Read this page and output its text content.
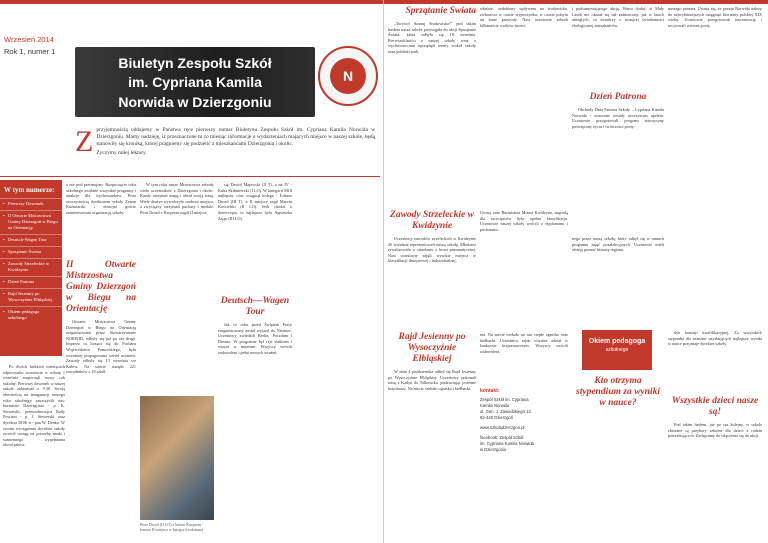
Wrzesień 2014
Rok 1, numer 1
Biuletyn Zespołu Szkół
im. Cypriana Kamila
Norwida w Dzierzgoniu
N
Z przyjemnością oddajemy w Państwa ręce pierwszy numer Biuletynu Zespołu Szkół im. Cypriana Kamila Norwida w Dzierzgoniu. Mamy nadzieję, iż przeznaczone tu co miesiąc informacje o wydarzeniach mających miejsce w naszej szkole, będą stanowiły się kroniką, której pragniemy się podzielić z mieszkańcami Dzierzgonia i okolic.
Życzymy miłej lektury.
W tym numerze:
• Pierwszy Dzwonek
• II Otwarte Mistrzostwa Gminy Dzierzgoń w Biegu na Orientację
• Deutsch-Wagen Tour
• Sprzątanie Świata
• Zawody Strzeleckie w Kwidzynie
• Dzień Patrona
• Rajd Jesienny po Wysoczyźnie Elbląskiej
• Okiem pedagoga szkolnego

a nie pod pretensjom. Rozpoczęcie roku szkolnego zwołane wszystkie programy i atrakcje dla wychowanków. Poza uroczystością dyrektorem szkoły Zenon Kużmiarski i dostojni goście zainteresowani organizacją szkoły.

Pierwszy dzwonek

Po dwóch krótkich miesiącach odpoczynku uczniowie w sobotę 1 września rozpoczęli nowy rok szkolny. Pierwszy dzwonek w naszej szkole zabrzmiał o 9.30. Swoją obecnością na inauguracji nowego roku szkolnego zaszczycili nas: burmistrz Dzierzgonia - p. K. Stewerski, przewodnicząca Rady Powiatu - p. J. Stewerski oraz dyrektor DOK-u - pan W. Denko. W swoim wystąpieniu dyrektor szkoły zwrócił uwagę na potrzebę nauki i sumiennego wypełniania obowiązków.

II Otwarte Mistrzostwa Gminy Dzierzgoń w Biegu na Orientację

Otwarte Mistrzostwa Gminy Dzierzgoń w Biegu na Orientację zorganizowane przez Stowarzyszenie NORWID, odbyły się już po raz drugi. Impreza ta licząca się do Pucharu Województwa Pomorskiego, była wcześniej propagowana wśród uczniów. Zawody odbyły się 13 września we Kołów. Na starcie stanęło 221 zawodników z 18 szkół.

W tym roku nasze Mistrzostwa zebrały wielu uczestników z Dzierzgonia i okolic. Każdy otrzymał mapę i obrał swoją trasę. Wiele drużyn wywalczyło czołowe miejsca, a zwycięzcy otrzymali puchary i medale. Piotr Drozd z Kacprem zajęli II miejsce.

Piotr Drozd (II LO) z butem Kacprem - laureat II miejsca w kategorii rodzinnej

się Dawid Majewski (II T), a na IV - Kuba Skibniewski (I LO). W kategorii M18 najlepszy czas osiągnął kolega - Łukasz Drozd (III T), a II miejsce zajął Marcin Kościelski (II LO). Jeśli chodzi o dziewczęta, to najlepsza była Agnieszka Zając (III LO).

Deutsch—Wagen Tour

Jak co roku przed Świętem Pracy zorganizowany został wyjazd do Niemiec. Uczestnicy zwiedzili Berlin, Poczdam i Drezno. W programie był rejs statkiem i wizyta w muzeum. Wszyscy wrócili zadowoleni i pełni nowych wrażeń.

Sprzątanie Świata

„Turysto! Szanuj Środowisko!” pod takim hasłem nasza szkoła przystąpiła do akcji Sprzątanie Świata, która odbyła się 18 września. Pierwszoklasiści z naszej szkoły wraz z wychowawcami uprzątnęli tereny wokół szkoły oraz pobliski park.

Zawody Strzeleckie w Kwidzynie

Uczestnicy zawodów strzeleckich w Kwidzynie 26 września reprezentowali naszą szkołę. Młodzież rywalizowała w strzelaniu z broni pneumatycznej. Nasi uczniowie zajęli wysokie miejsca w klasyfikacji drużynowej i indywidualnej.

Rajd Jesienny po Wysoczyźnie Elbląskiej

W dniu 4 października odbył się Rajd Jesienny po Wysoczyźnie Elbląskiej. Uczestnicy pokonali trasę z Kadyn do Tolkmicka, podziwiając jesienne krajobrazy. Na mecie czekało ognisko i kiełbaski.

właśnie, ozdobiony wpływem na środowisko, zwłaszcza w czasie wypoczynku, w czasie pobytu na łonie przyrody. Nasi uczniowie zebrali kilkanaście worków śmieci.

Gwarą oraz Burmistrza Miasta Kwidzyna, nagrodą dla zwycięzców była ogólna klasyfikacja. Uczniowie naszej szkoły wrócili z dyplomami i pucharami.

nia. Na mecie czekało na nas ciepłe ognisko oraz kiełbaski. Uczestnicy rajdu również udział w konkursie krajoznawczym. Wszyscy wrócili zadowoleni.

kontakt:
Zespół Szkół im. Cypriana
Kamila Norwida
ul. Gen. J. Zawadzkiego 13
82-440 Dzierzgoń
www.szkoladzierzgon.pl
facebook: Zespół Szkół
im. Cypriana Kamila Norwida
w Dzierzgoniu

i podsumowującego akcję. Warto dodać, iż Mały Lasek nie okazał się tak zaśmiecony, jak w latach ubiegłych, co świadczy o rosnącej świadomości ekologicznej mieszkańców.

Dzień Patrona

Obchody Dnia Patrona Szkoły – Cypriana Kamila Norwida - uczczone zostały uroczystym apelem. Uczniowie przygotowali program artystyczny poświęcony życiu i twórczości poety.

nego przez naszą szkołę, który odbył się w ramach programu zajęć pozalekcyjnych. Uczniowie mieli okazję poznać historię regionu.

Okiem pedagoga
szkolnego
Kto otrzyma stypendium za wyniki w nauce?

naszego patrona. Uważa się, że poezja Norwida należy do najwybitniejszych osiągnięć literatury polskiej XIX wieku. Uczniowie przygotowali inscenizację i recytowali wiersze poety.

dyk komisji kwalifikacyjnej. Za wszystkich stypendia dla uczniów uzyskujących najlepsze wyniki w nauce przyznaje dyrektor szkoły.

Wszystkie dzieci nasze są!

Pod takim hasłem, już po raz kolejny, w szkole zbierane są przybory szkolne dla dzieci z rodzin potrzebujących. Zachęcamy do włączenia się do akcji.
